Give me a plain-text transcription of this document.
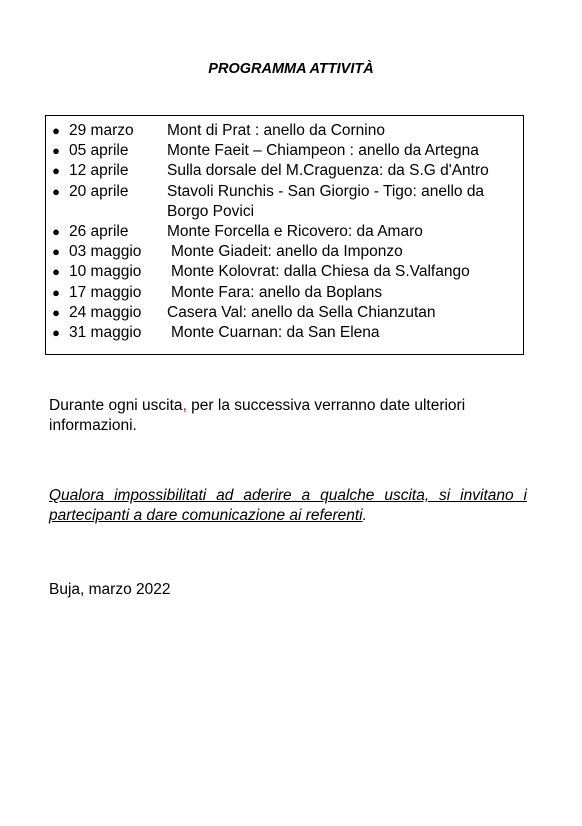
PROGRAMMA ATTIVITÀ
● 29 marzo	Mont di Prat : anello da Cornino
● 05 aprile	Monte Faeit – Chiampeon : anello da Artegna
● 12 aprile	Sulla dorsale del M.Craguenza: da S.G d'Antro
● 20 aprile	Stavoli Runchis - San Giorgio - Tigo: anello da Borgo Povici
● 26 aprile	Monte Forcella e Ricovero: da Amaro
● 03 maggio	Monte Giadeit: anello da Imponzo
● 10 maggio	Monte Kolovrat: dalla Chiesa da S.Valfango
● 17 maggio	Monte Fara: anello da Boplans
● 24 maggio	Casera Val: anello da Sella Chianzutan
● 31 maggio	Monte Cuarnan: da San Elena

Durante ogni uscita, per la successiva verranno date ulteriori informazioni.

Qualora impossibilitati ad aderire a qualche uscita, si invitano i partecipanti a dare comunicazione ai referenti.

Buja, marzo 2022
